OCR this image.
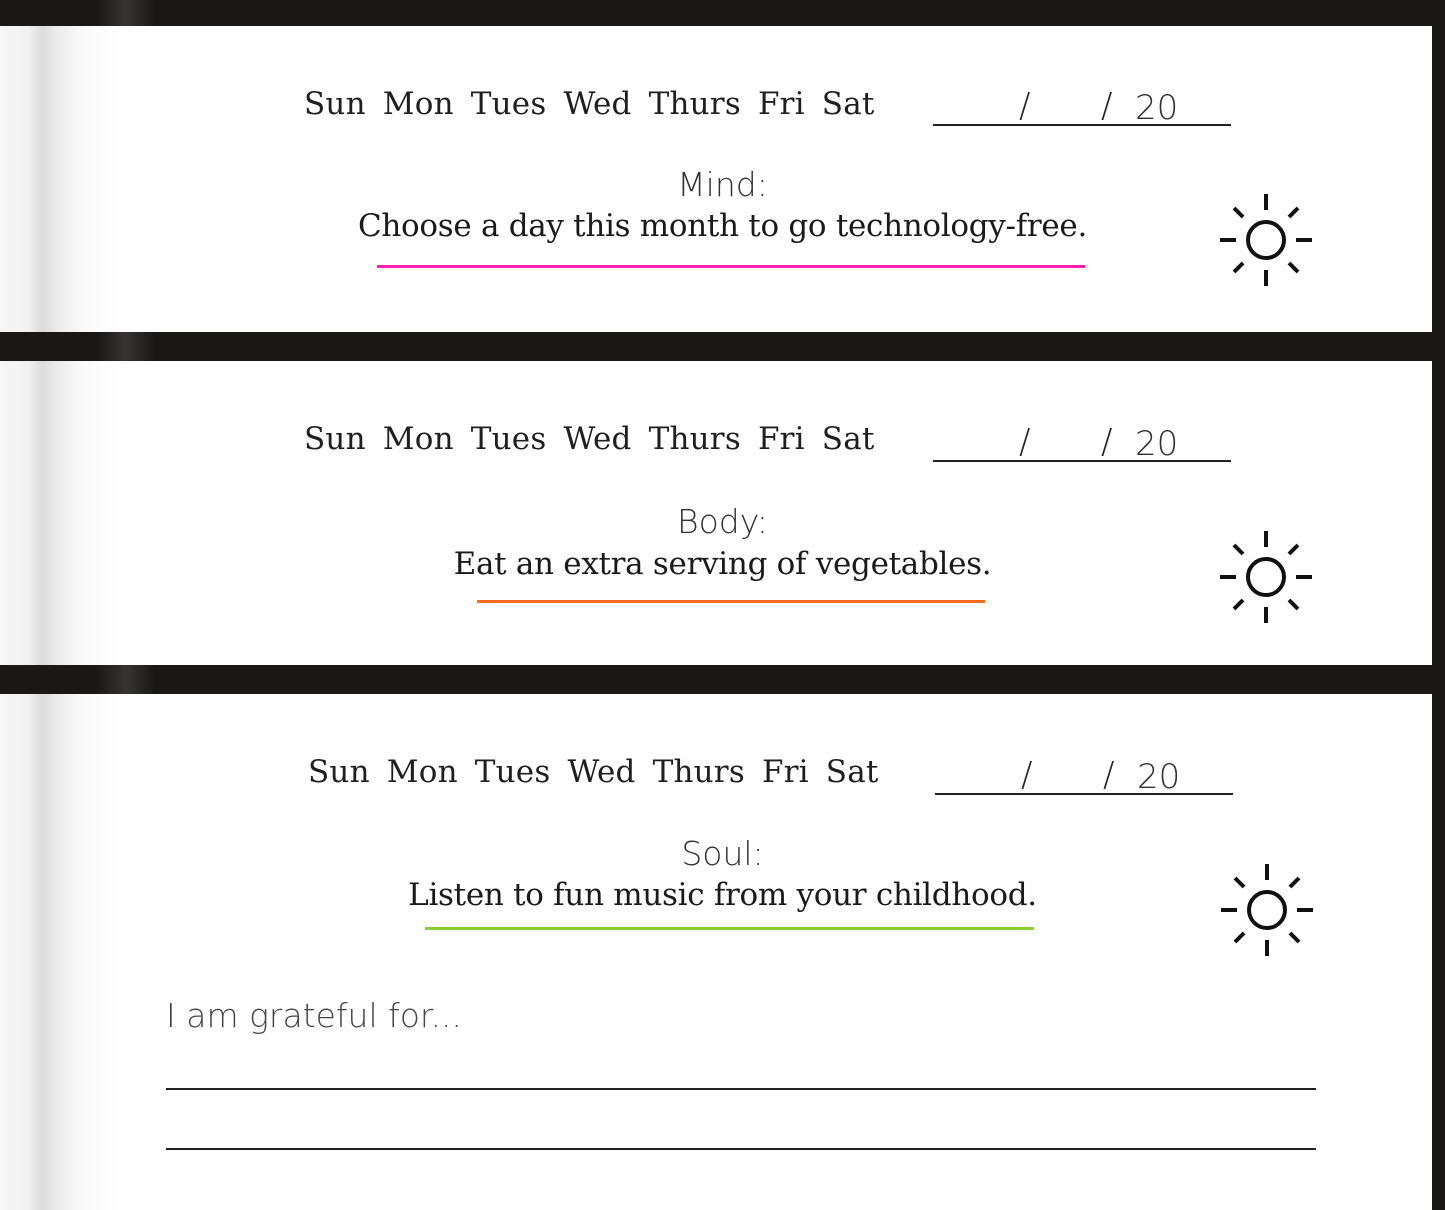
Sun Mon Tues Wed Thurs Fri Sat	/ / 20
Mind:
Choose a day this month to go technology-free.
Sun Mon Tues Wed Thurs Fri Sat	/ / 20
Body:
Eat an extra serving of vegetables.
Sun Mon Tues Wed Thurs Fri Sat	/ / 20
Soul:
Listen to fun music from your childhood.
I am grateful for...
